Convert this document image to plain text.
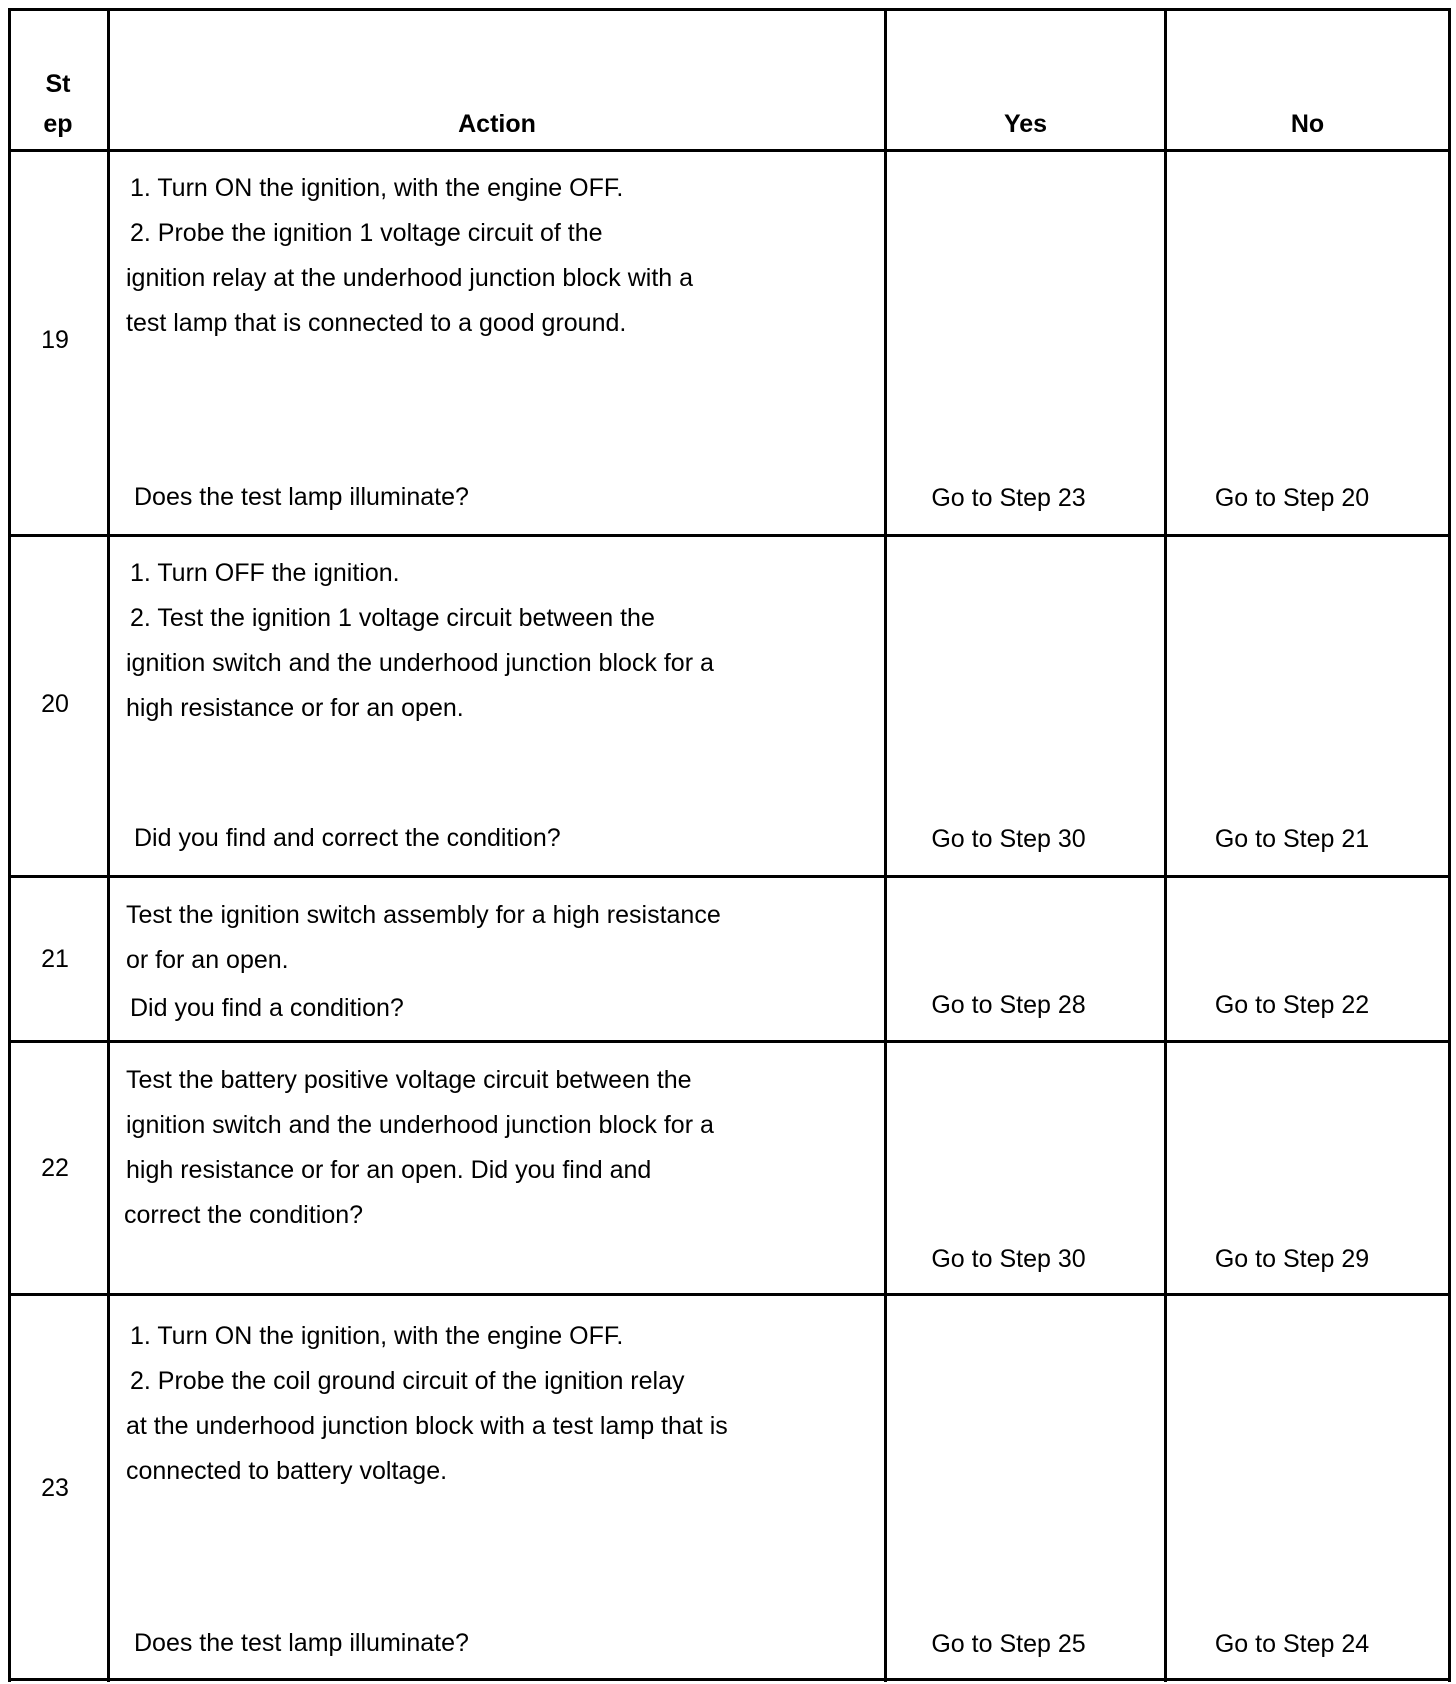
St
ep	Action	Yes	No
19
1. Turn ON the ignition, with the engine OFF.
2. Probe the ignition 1 voltage circuit of the
ignition relay at the underhood junction block with a
test lamp that is connected to a good ground.
Does the test lamp illuminate?	Go to Step 23	Go to Step 20
20
1. Turn OFF the ignition.
2. Test the ignition 1 voltage circuit between the
ignition switch and the underhood junction block for a
high resistance or for an open.
Did you find and correct the condition?	Go to Step 30	Go to Step 21
21
Test the ignition switch assembly for a high resistance
or for an open.
Did you find a condition?	Go to Step 28	Go to Step 22
22
Test the battery positive voltage circuit between the
ignition switch and the underhood junction block for a
high resistance or for an open. Did you find and
correct the condition?
Go to Step 30	Go to Step 29
23
1. Turn ON the ignition, with the engine OFF.
2. Probe the coil ground circuit of the ignition relay
at the underhood junction block with a test lamp that is
connected to battery voltage.
Does the test lamp illuminate?	Go to Step 25	Go to Step 24
